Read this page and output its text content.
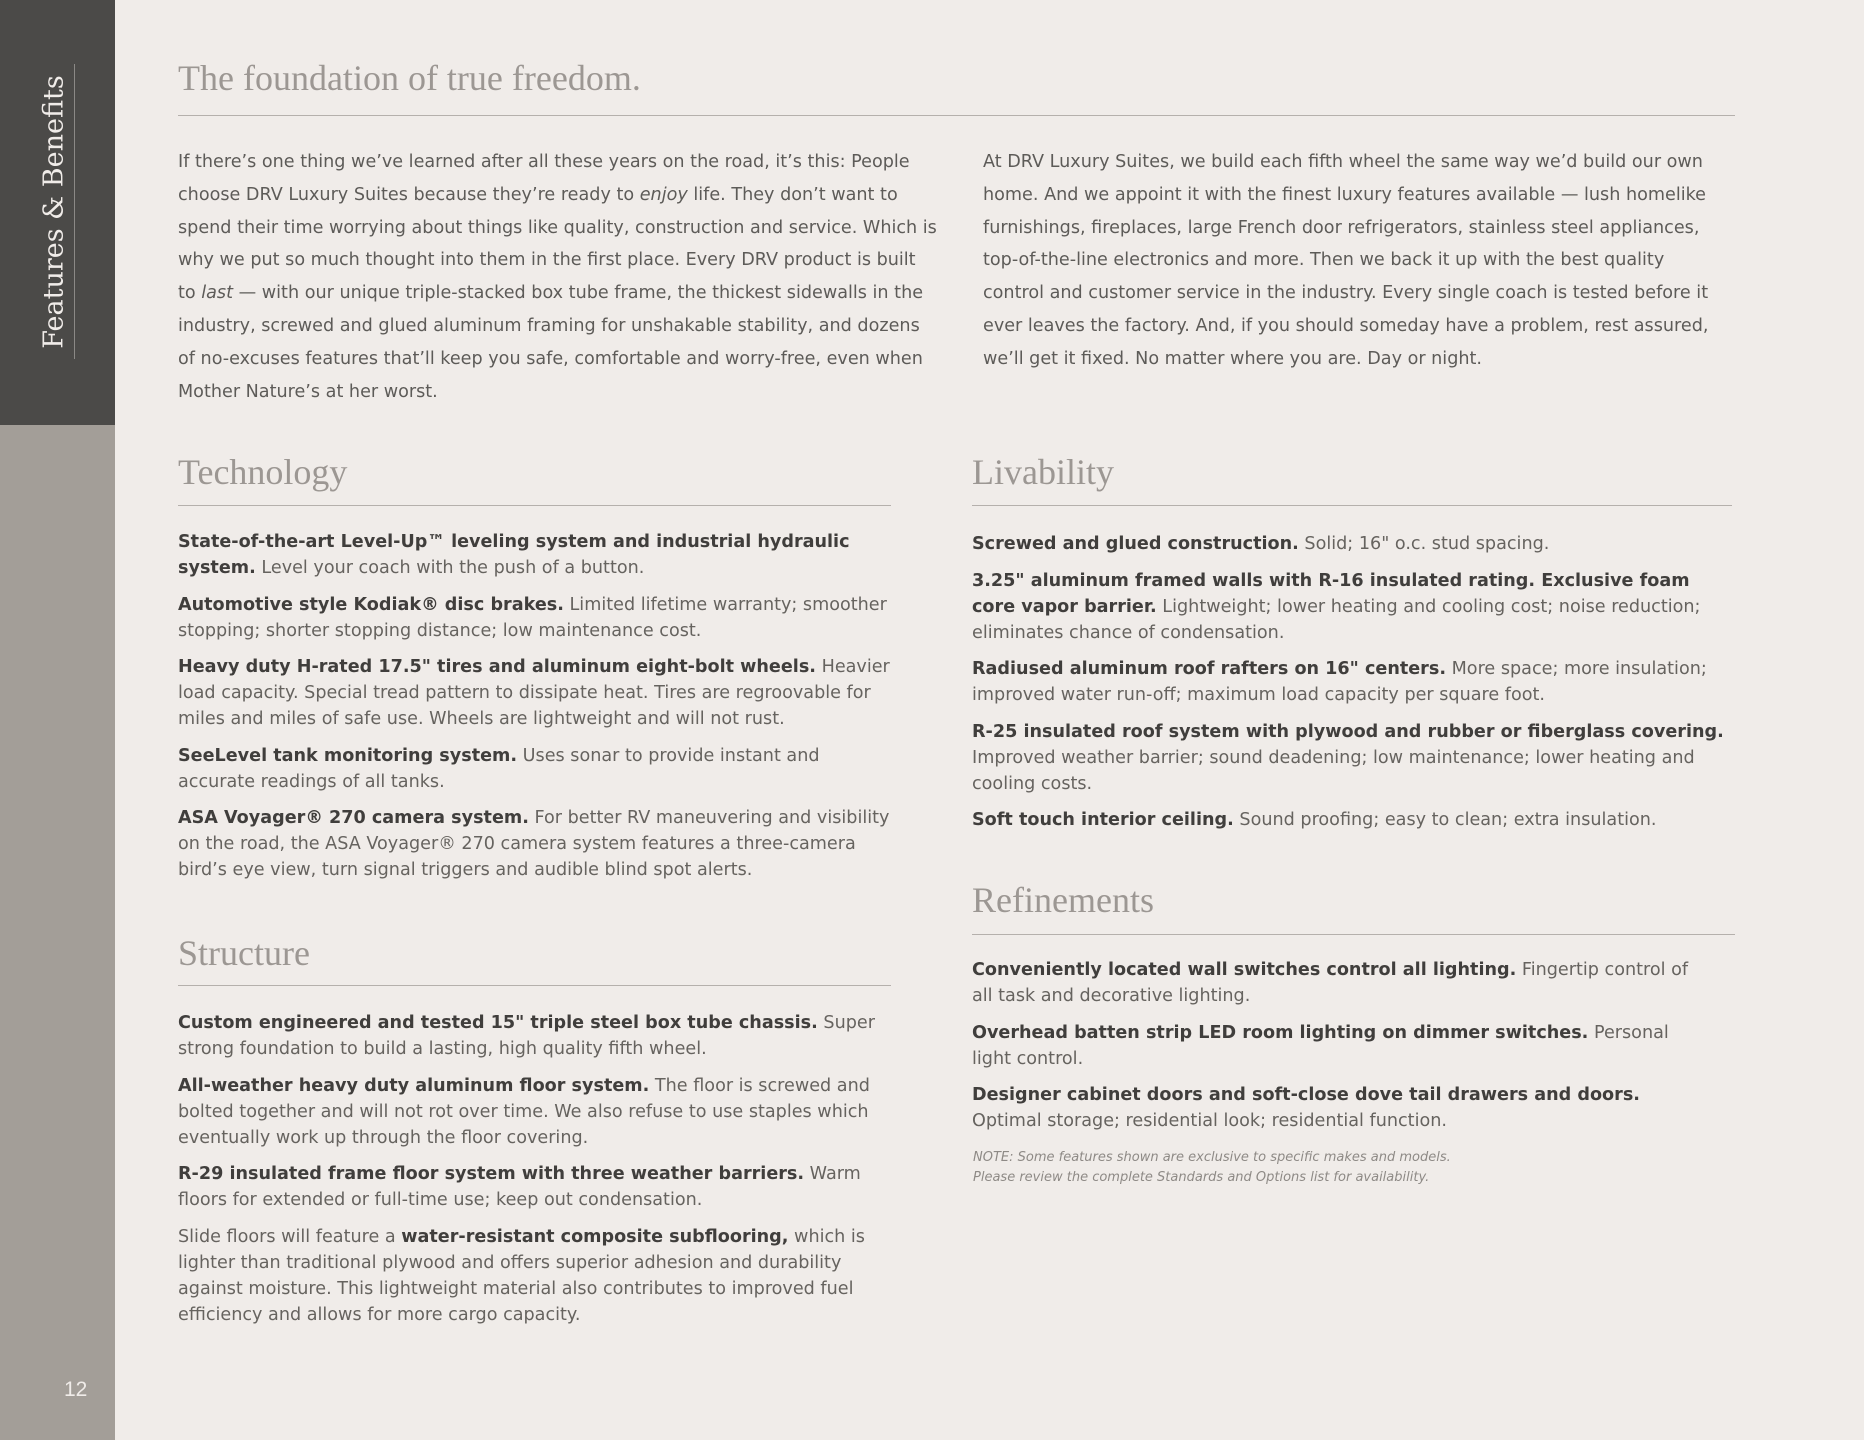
Features & Benefits
12
The foundation of true freedom.

If there’s one thing we’ve learned after all these years on the road, it’s this: People choose DRV Luxury Suites because they’re ready to enjoy life. They don’t want to spend their time worrying about things like quality, construction and service. Which is why we put so much thought into them in the first place. Every DRV product is built to last — with our unique triple-stacked box tube frame, the thickest sidewalls in the industry, screwed and glued aluminum framing for unshakable stability, and dozens of no-excuses features that’ll keep you safe, comfortable and worry-free, even when Mother Nature’s at her worst.

At DRV Luxury Suites, we build each fifth wheel the same way we’d build our own home. And we appoint it with the finest luxury features available — lush homelike furnishings, fireplaces, large French door refrigerators, stainless steel appliances, top-of-the-line electronics and more. Then we back it up with the best quality control and customer service in the industry. Every single coach is tested before it ever leaves the factory. And, if you should someday have a problem, rest assured, we’ll get it fixed. No matter where you are. Day or night.

Technology

State-of-the-art Level-Up™ leveling system and industrial hydraulic system. Level your coach with the push of a button.

Automotive style Kodiak® disc brakes. Limited lifetime warranty; smoother stopping; shorter stopping distance; low maintenance cost.

Heavy duty H-rated 17.5" tires and aluminum eight-bolt wheels. Heavier load capacity. Special tread pattern to dissipate heat. Tires are regroovable for miles and miles of safe use. Wheels are lightweight and will not rust.

SeeLevel tank monitoring system. Uses sonar to provide instant and accurate readings of all tanks.

ASA Voyager® 270 camera system. For better RV maneuvering and visibility on the road, the ASA Voyager® 270 camera system features a three-camera bird’s eye view, turn signal triggers and audible blind spot alerts.

Structure

Custom engineered and tested 15" triple steel box tube chassis. Super strong foundation to build a lasting, high quality fifth wheel.

All-weather heavy duty aluminum floor system. The floor is screwed and bolted together and will not rot over time. We also refuse to use staples which eventually work up through the floor covering.

R-29 insulated frame floor system with three weather barriers. Warm floors for extended or full-time use; keep out condensation.

Slide floors will feature a water-resistant composite subflooring, which is lighter than traditional plywood and offers superior adhesion and durability against moisture. This lightweight material also contributes to improved fuel efficiency and allows for more cargo capacity.

Livability

Screwed and glued construction. Solid; 16" o.c. stud spacing.

3.25" aluminum framed walls with R-16 insulated rating. Exclusive foam core vapor barrier. Lightweight; lower heating and cooling cost; noise reduction; eliminates chance of condensation.

Radiused aluminum roof rafters on 16" centers. More space; more insulation; improved water run-off; maximum load capacity per square foot.

R-25 insulated roof system with plywood and rubber or fiberglass covering. Improved weather barrier; sound deadening; low maintenance; lower heating and cooling costs.

Soft touch interior ceiling. Sound proofing; easy to clean; extra insulation.

Refinements

Conveniently located wall switches control all lighting. Fingertip control of all task and decorative lighting.

Overhead batten strip LED room lighting on dimmer switches. Personal light control.

Designer cabinet doors and soft-close dove tail drawers and doors. Optimal storage; residential look; residential function.

NOTE: Some features shown are exclusive to specific makes and models.
Please review the complete Standards and Options list for availability.
